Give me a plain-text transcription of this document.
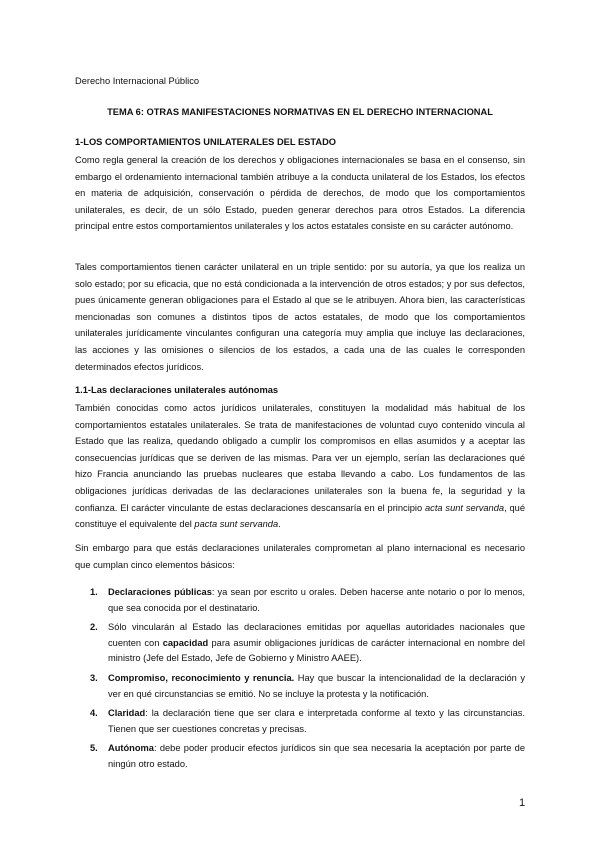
Derecho Internacional Público
TEMA 6: OTRAS MANIFESTACIONES NORMATIVAS EN EL DERECHO INTERNACIONAL
1-LOS COMPORTAMIENTOS UNILATERALES DEL ESTADO
Como regla general la creación de los derechos y obligaciones internacionales se basa en el consenso, sin embargo el ordenamiento internacional también atribuye a la conducta unilateral de los Estados, los efectos en materia de adquisición, conservación o pérdida de derechos, de modo que los comportamientos unilaterales, es decir, de un sólo Estado, pueden generar derechos para otros Estados. La diferencia principal entre estos comportamientos unilaterales y los actos estatales consiste en su carácter autónomo.
Tales comportamientos tienen carácter unilateral en un triple sentido: por su autoría, ya que los realiza un solo estado; por su eficacia, que no está condicionada a la intervención de otros estados; y por sus defectos, pues únicamente generan obligaciones para el Estado al que se le atribuyen. Ahora bien, las características mencionadas son comunes a distintos tipos de actos estatales, de modo que los comportamientos unilaterales jurídicamente vinculantes configuran una categoría muy amplia que incluye las declaraciones, las acciones y las omisiones o silencios de los estados, a cada una de las cuales le corresponden determinados efectos jurídicos.
1.1-Las declaraciones unilaterales autónomas
También conocidas como actos jurídicos unilaterales, constituyen la modalidad más habitual de los comportamientos estatales unilaterales. Se trata de manifestaciones de voluntad cuyo contenido vincula al Estado que las realiza, quedando obligado a cumplir los compromisos en ellas asumidos y a aceptar las consecuencias jurídicas que se deriven de las mismas. Para ver un ejemplo, serían las declaraciones qué hizo Francia anunciando las pruebas nucleares que estaba llevando a cabo. Los fundamentos de las obligaciones jurídicas derivadas de las declaraciones unilaterales son la buena fe, la seguridad y la confianza. El carácter vinculante de estas declaraciones descansaría en el principio acta sunt servanda, qué constituye el equivalente del pacta sunt servanda.
Sin embargo para que estás declaraciones unilaterales comprometan al plano internacional es necesario que cumplan cinco elementos básicos:
1. Declaraciones públicas: ya sean por escrito u orales. Deben hacerse ante notario o por lo menos, que sea conocida por el destinatario.
2. Sólo vincularán al Estado las declaraciones emitidas por aquellas autoridades nacionales que cuenten con capacidad para asumir obligaciones jurídicas de carácter internacional en nombre del ministro (Jefe del Estado, Jefe de Gobierno y Ministro AAEE).
3. Compromiso, reconocimiento y renuncia. Hay que buscar la intencionalidad de la declaración y ver en qué circunstancias se emitió. No se incluye la protesta y la notificación.
4. Claridad: la declaración tiene que ser clara e interpretada conforme al texto y las circunstancias. Tienen que ser cuestiones concretas y precisas.
5. Autónoma: debe poder producir efectos jurídicos sin que sea necesaria la aceptación por parte de ningún otro estado.
1
